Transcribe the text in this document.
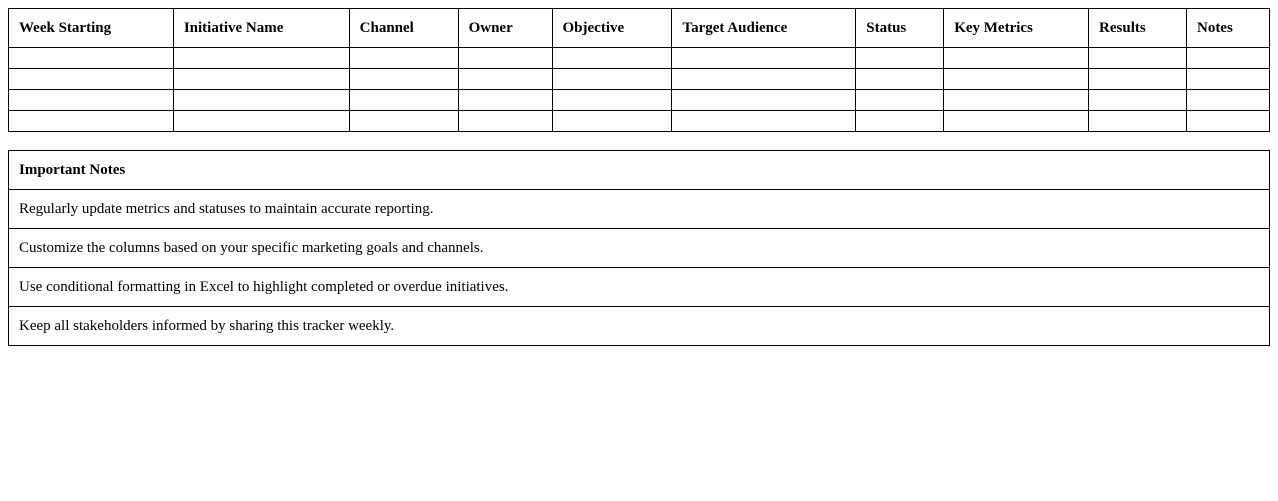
Week Starting	Initiative Name	Channel	Owner	Objective	Target Audience	Status	Key Metrics	Results	Notes

Important Notes
Regularly update metrics and statuses to maintain accurate reporting.
Customize the columns based on your specific marketing goals and channels.
Use conditional formatting in Excel to highlight completed or overdue initiatives.
Keep all stakeholders informed by sharing this tracker weekly.
